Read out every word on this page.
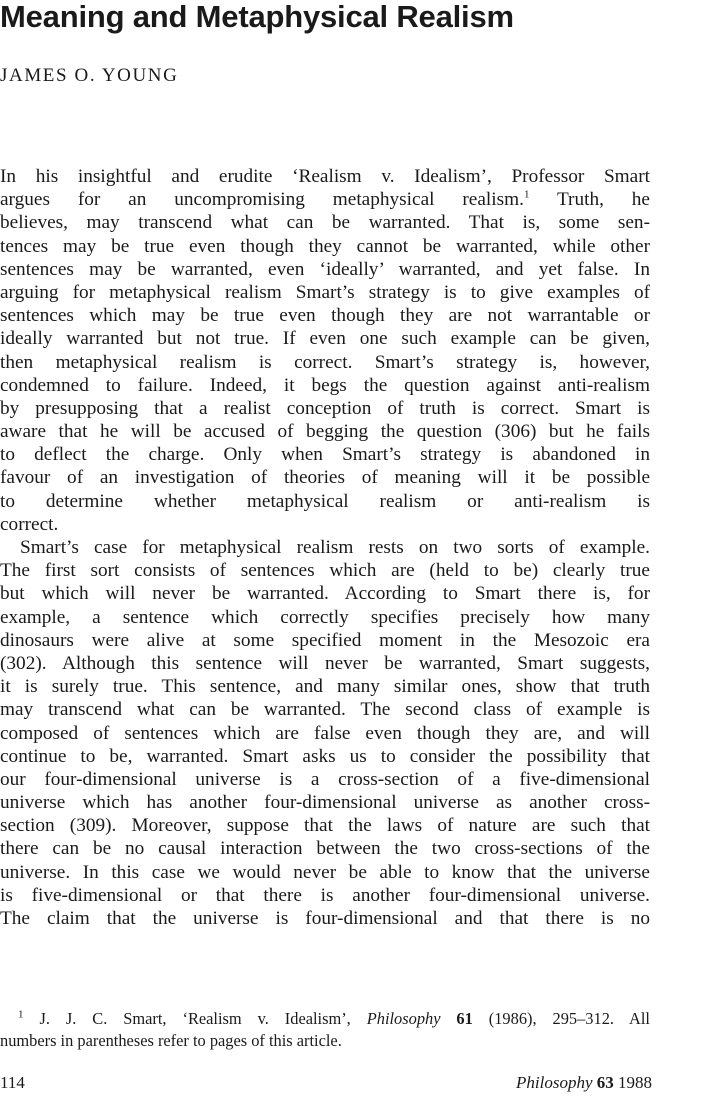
Meaning and Metaphysical Realism
JAMES O. YOUNG

In his insightful and erudite ‘Realism v. Idealism’, Professor Smart
argues for an uncompromising metaphysical realism.$^1$ Truth, he
believes, may transcend what can be warranted. That is, some sen-
tences may be true even though they cannot be warranted, while other
sentences may be warranted, even ‘ideally’ warranted, and yet false. In
arguing for metaphysical realism Smart’s strategy is to give examples of
sentences which may be true even though they are not warrantable or
ideally warranted but not true. If even one such example can be given,
then metaphysical realism is correct. Smart’s strategy is, however,
condemned to failure. Indeed, it begs the question against anti-realism
by presupposing that a realist conception of truth is correct. Smart is
aware that he will be accused of begging the question (306) but he fails
to deflect the charge. Only when Smart’s strategy is abandoned in
favour of an investigation of theories of meaning will it be possible
to determine whether metaphysical realism or anti-realism is
correct.

Smart’s case for metaphysical realism rests on two sorts of example.
The first sort consists of sentences which are (held to be) clearly true
but which will never be warranted. According to Smart there is, for
example, a sentence which correctly specifies precisely how many
dinosaurs were alive at some specified moment in the Mesozoic era
(302). Although this sentence will never be warranted, Smart suggests,
it is surely true. This sentence, and many similar ones, show that truth
may transcend what can be warranted. The second class of example is
composed of sentences which are false even though they are, and will
continue to be, warranted. Smart asks us to consider the possibility that
our four-dimensional universe is a cross-section of a five-dimensional
universe which has another four-dimensional universe as another cross-
section (309). Moreover, suppose that the laws of nature are such that
there can be no causal interaction between the two cross-sections of the
universe. In this case we would never be able to know that the universe
is five-dimensional or that there is another four-dimensional universe.
The claim that the universe is four-dimensional and that there is no

$^1$ J. J. C. Smart, ‘Realism v. Idealism’, Philosophy 61 (1986), 295–312. All
numbers in parentheses refer to pages of this article.
114	Philosophy 63 1988
